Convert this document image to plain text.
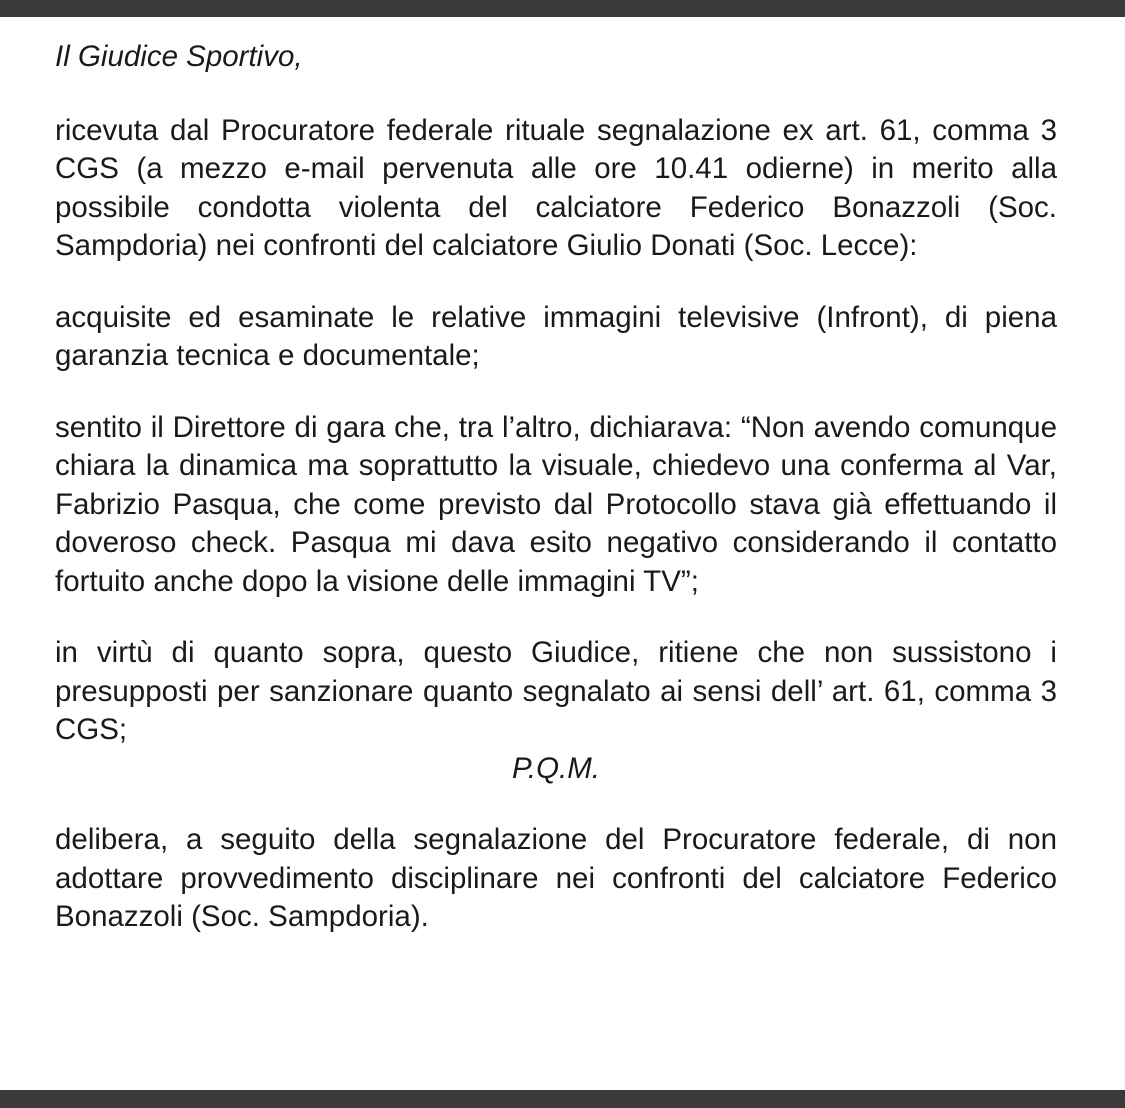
Il Giudice Sportivo,

ricevuta dal Procuratore federale rituale segnalazione ex art. 61, comma 3 CGS (a mezzo e-mail pervenuta alle ore 10.41 odierne) in merito alla possibile condotta violenta del calciatore Federico Bonazzoli (Soc. Sampdoria) nei confronti del calciatore Giulio Donati (Soc. Lecce):

acquisite ed esaminate le relative immagini televisive (Infront), di piena garanzia tecnica e documentale;

sentito il Direttore di gara che, tra l’altro, dichiarava: “Non avendo comunque chiara la dinamica ma soprattutto la visuale, chiedevo una conferma al Var, Fabrizio Pasqua, che come previsto dal Protocollo stava già effettuando il doveroso check. Pasqua mi dava esito negativo considerando il contatto fortuito anche dopo la visione delle immagini TV”;

in virtù di quanto sopra, questo Giudice, ritiene che non sussistono i presupposti per sanzionare quanto segnalato ai sensi dell’ art. 61, comma 3 CGS;

P.Q.M.

delibera, a seguito della segnalazione del Procuratore federale, di non adottare provvedimento disciplinare nei confronti del calciatore Federico Bonazzoli (Soc. Sampdoria).
